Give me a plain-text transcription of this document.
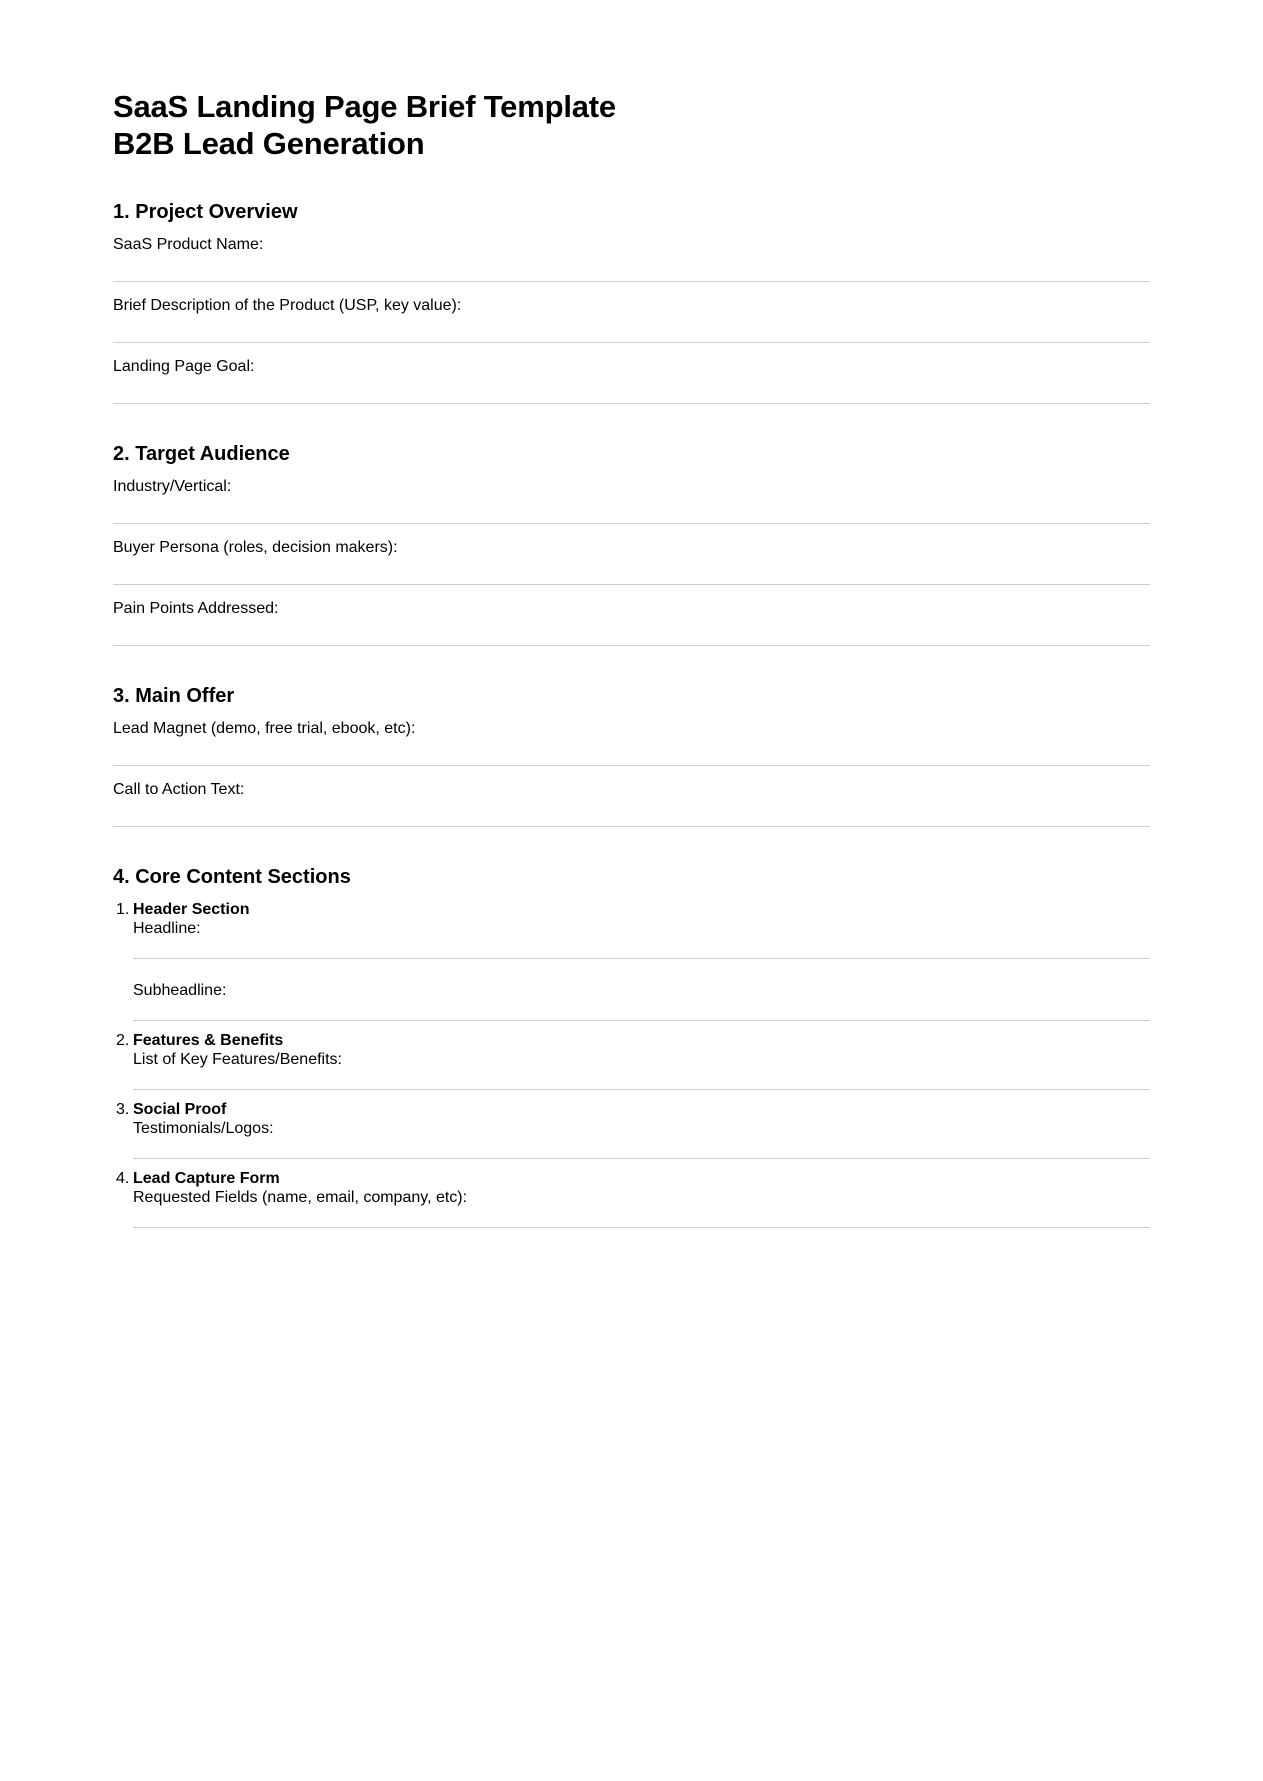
SaaS Landing Page Brief Template
B2B Lead Generation
1. Project Overview
SaaS Product Name:
Brief Description of the Product (USP, key value):
Landing Page Goal:
2. Target Audience
Industry/Vertical:
Buyer Persona (roles, decision makers):
Pain Points Addressed:
3. Main Offer
Lead Magnet (demo, free trial, ebook, etc):
Call to Action Text:
4. Core Content Sections
1. Header Section
Headline:
Subheadline:
2. Features & Benefits
List of Key Features/Benefits:
3. Social Proof
Testimonials/Logos:
4. Lead Capture Form
Requested Fields (name, email, company, etc):
